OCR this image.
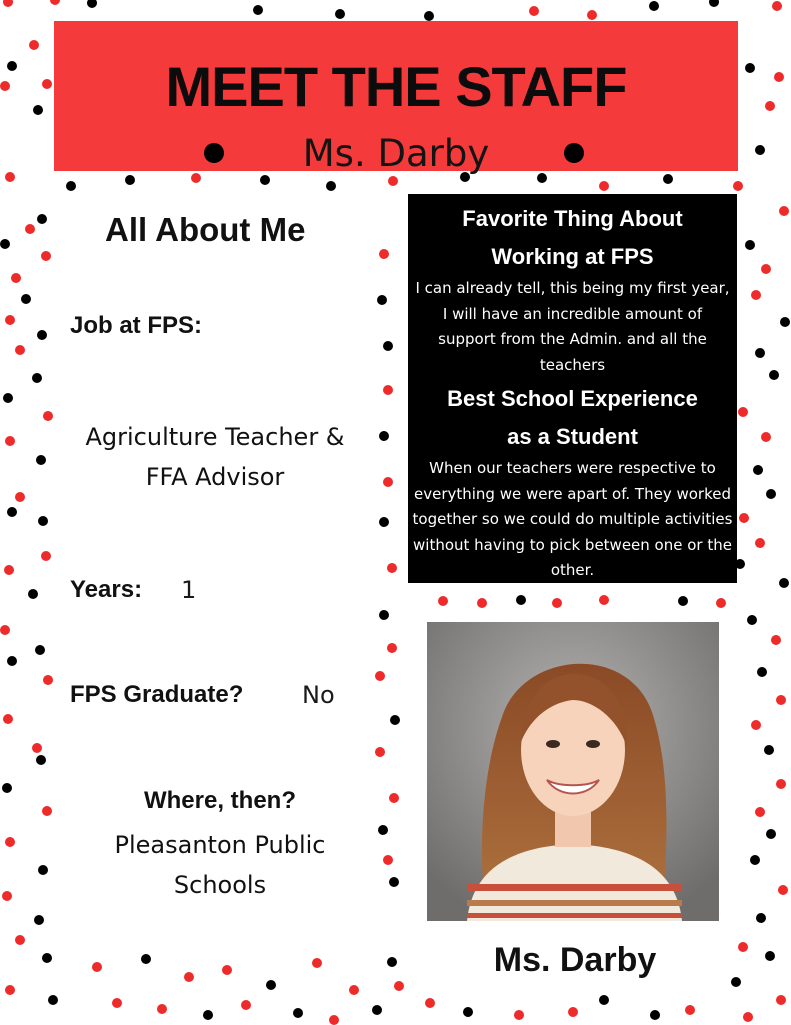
MEET THE STAFF
Ms. Darby
All About Me
Job at FPS:
Agriculture Teacher &
FFA Advisor
Years: 1
FPS Graduate? No
Where, then?
Pleasanton Public
Schools
Favorite Thing About
Working at FPS
I can already tell, this being my first year, I will have an incredible amount of support from the Admin. and all the teachers
Best School Experience
as a Student
When our teachers were respective to everything we were apart of. They worked together so we could do multiple activities without having to pick between one or the other.
Ms. Darby
